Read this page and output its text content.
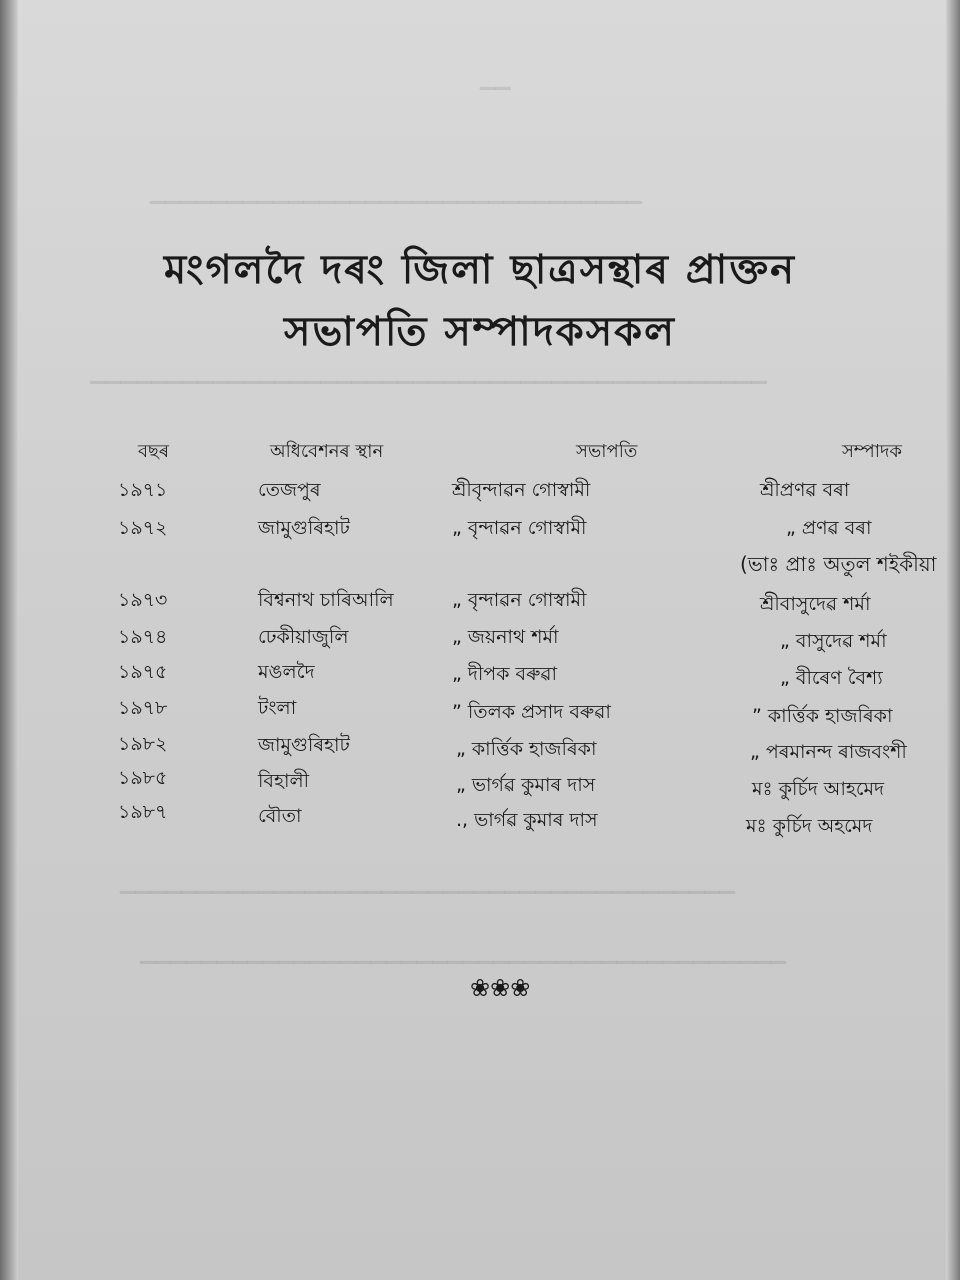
▁▁
▁▁▁▁▁▁▁▁▁▁▁▁▁▁▁▁▁▁▁▁▁▁▁▁▁▁▁▁▁▁▁▁
▁▁▁▁▁▁▁▁▁▁▁▁▁▁▁▁▁▁▁▁▁▁▁▁▁▁▁▁▁▁▁▁▁▁▁▁▁▁▁▁▁▁▁▁
▁▁▁▁▁▁▁▁▁▁▁▁▁▁▁▁▁▁▁▁▁▁▁▁▁▁▁▁▁▁▁▁▁▁▁▁▁▁▁▁
▁▁▁▁▁▁▁▁▁▁▁▁▁▁▁▁▁▁▁▁▁▁▁▁▁▁▁▁▁▁▁▁▁▁▁▁▁▁▁▁▁▁
মংগলদৈ দৰং জিলা ছাত্ৰসন্থাৰ প্ৰাক্তন
সভাপতি সম্পাদকসকল
বছৰ	অধিবেশনৰ স্থান	সভাপতি	সম্পাদক
১৯৭১	তেজপুৰ	শ্ৰীবৃন্দাৱন গোস্বামী	শ্ৰীপ্ৰণৱ বৰা
১৯৭২	জামুগুৰিহাট	„ বৃন্দাৱন গোস্বামী	„ প্ৰণৱ বৰা
(ভাঃ প্ৰাঃ অতুল শইকীয়া
১৯৭৩	বিশ্বনাথ চাৰিআলি	„ বৃন্দাৱন গোস্বামী	শ্ৰীবাসুদেৱ শৰ্মা
১৯৭৪	ঢেকীয়াজুলি	„ জয়নাথ শৰ্মা	„ বাসুদেৱ শৰ্মা
১৯৭৫	মঙলদৈ	„ দীপক বৰুৱা	„ বীৰেণ বৈশ্য
১৯৭৮	টংলা	” তিলক প্ৰসাদ বৰুৱা	” কাৰ্ত্তিক হাজৰিকা
১৯৮২	জামুগুৰিহাট	„ কাৰ্ত্তিক হাজৰিকা	„ পৰমানন্দ ৰাজবংশী
১৯৮৫	বিহালী	„ ভাৰ্গৱ কুমাৰ দাস	মঃ কুৰ্চিদ আহমেদ
১৯৮৭	বৌতা	., ভাৰ্গৱ কুমাৰ দাস	মঃ কুৰ্চিদ অহমেদ
❀❀❀
